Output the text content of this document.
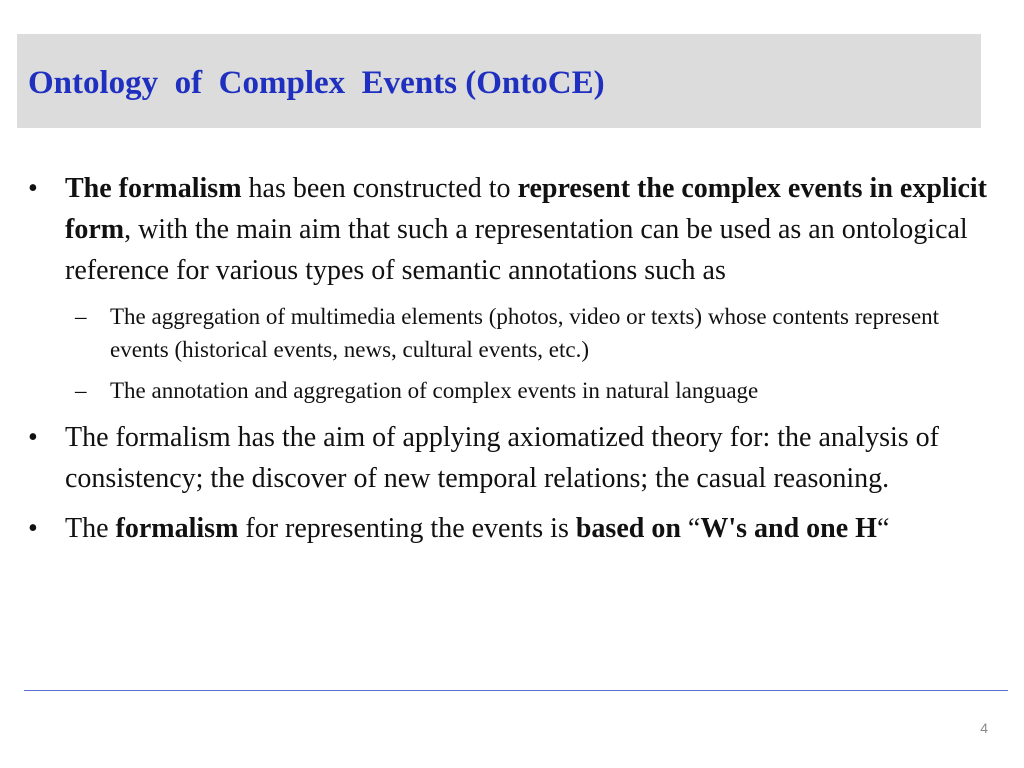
Ontology  of  Complex  Events (OntoCE)
• The formalism has been constructed to represent the complex events in explicit form, with the main aim that such a representation can be used as an ontological reference for various types of semantic annotations such as
– The aggregation of multimedia elements (photos, video or texts) whose contents represent events (historical events, news, cultural events, etc.)
– The annotation and aggregation of complex events in natural language
• The formalism has the aim of applying axiomatized theory for: the analysis of consistency; the discover of new temporal relations; the casual reasoning.
• The formalism for representing the events is based on “W's and one H“
4
